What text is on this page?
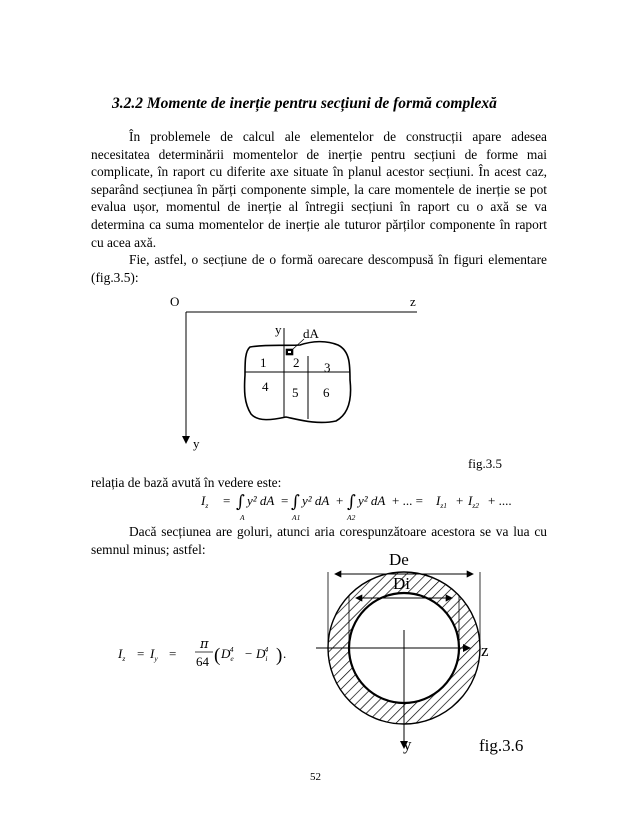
3.2.2 Momente de inerție pentru secțiuni de formă complexă

În problemele de calcul ale elementelor de construcții apare adesea necesitatea determinării momentelor de inerție pentru secțiuni de forme mai complicate, în raport cu diferite axe situate în planul acestor secțiuni. În acest caz, separând secțiunea în părți componente simple, la care momentele de inerție se pot evalua ușor, momentul de inerție al întregii secțiuni în raport cu o axă se va determina ca suma momentelor de inerție ale tuturor părților componente în raport cu acea axă.

Fie, astfel, o secțiune de o formă oarecare descompusă în figuri elementare (fig.3.5):

O	z
y
y dA
1 2 3
4 5 6
fig.3.5
$I_z$ = ∫ y² dA
A
= ∫ y² dA
A1
+ ∫ y² dA
A2
+ ... = $I_{z1} + I_{z2}$ + ....
relația de bază avută în vedere este:

Dacă secțiunea are goluri, atunci aria corespunzătoare acestora se va lua cu semnul minus; astfel:

$I_z = I_y$ =
π
64 ( $D_e4 - D_i4$ ) .	z
y
De
Di
fig.3.6
52
